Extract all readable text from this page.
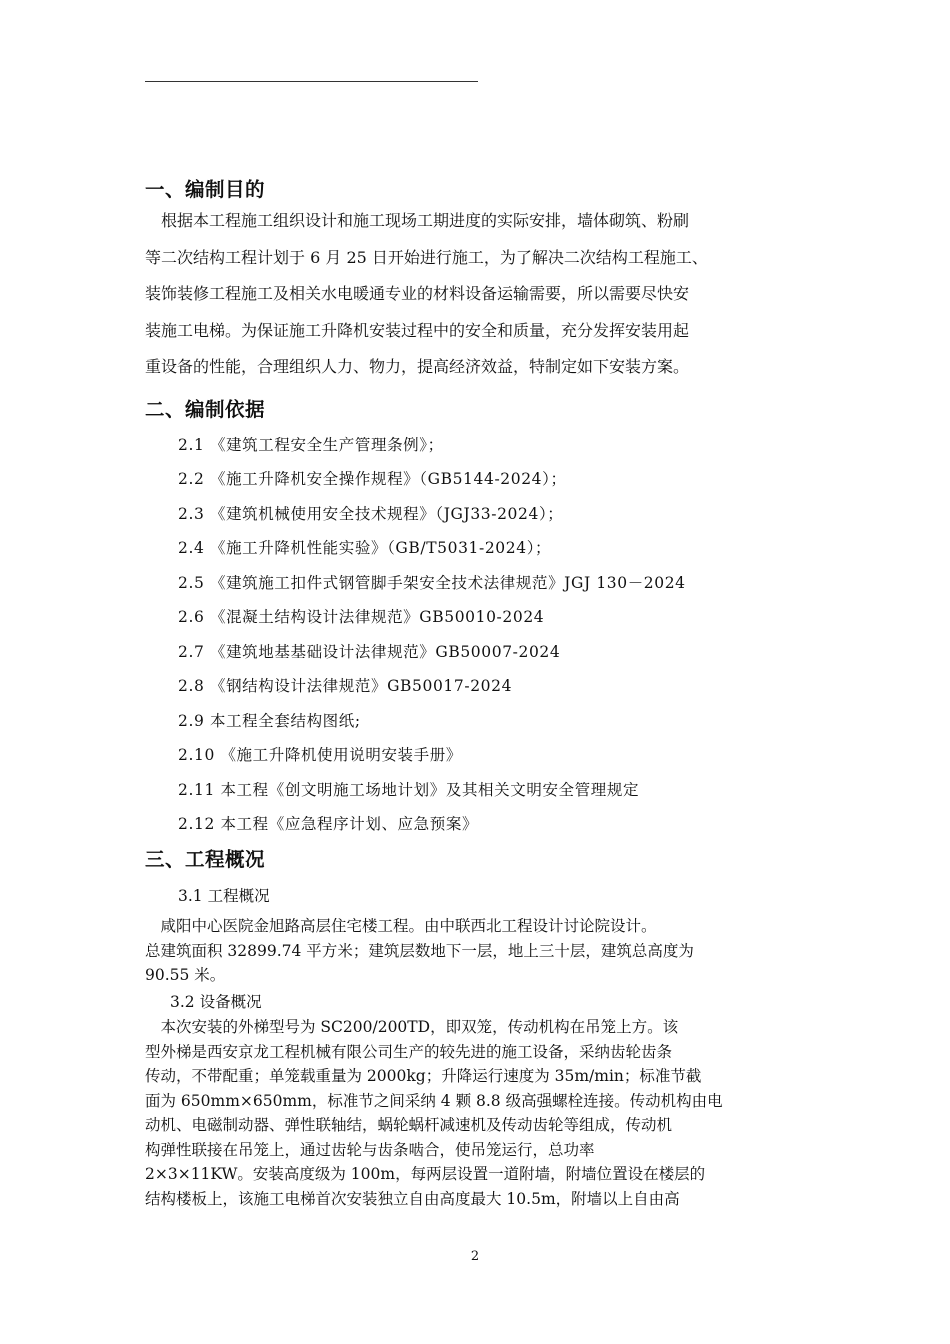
一、编制目的
　根据本工程施工组织设计和施工现场工期进度的实际安排，墙体砌筑、粉刷
等二次结构工程计划于 6 月 25 日开始进行施工，为了解决二次结构工程施工、
装饰装修工程施工及相关水电暖通专业的材料设备运输需要，所以需要尽快安
装施工电梯。为保证施工升降机安装过程中的安全和质量，充分发挥安装用起
重设备的性能，合理组织人力、物力，提高经济效益，特制定如下安装方案。
二、编制依据
2.1 《建筑工程安全生产管理条例》；
2.2 《施工升降机安全操作规程》（GB5144-2024）；
2.3 《建筑机械使用安全技术规程》（JGJ33-2024）；
2.4 《施工升降机性能实验》（GB/T5031-2024）；
2.5 《建筑施工扣件式钢管脚手架安全技术法律规范》JGJ 130－2024
2.6 《混凝土结构设计法律规范》GB50010-2024
2.7 《建筑地基基础设计法律规范》GB50007-2024
2.8 《钢结构设计法律规范》GB50017-2024
2.9 本工程全套结构图纸;
2.10 《施工升降机使用说明安装手册》
2.11 本工程《创文明施工场地计划》及其相关文明安全管理规定
2.12 本工程《应急程序计划、应急预案》
三、工程概况
3.1 工程概况
　咸阳中心医院金旭路高层住宅楼工程。由中联西北工程设计讨论院设计。
总建筑面积 32899.74 平方米；建筑层数地下一层，地上三十层，建筑总高度为
90.55 米。
3.2 设备概况
　本次安装的外梯型号为 SC200/200TD，即双笼，传动机构在吊笼上方。该
型外梯是西安京龙工程机械有限公司生产的较先进的施工设备，采纳齿轮齿条
传动，不带配重；单笼载重量为 2000kg；升降运行速度为 35m/min；标准节截
面为 650mm×650mm，标准节之间采纳 4 颗 8.8 级高强螺栓连接。传动机构由电
动机、电磁制动器、弹性联轴结，蜗轮蜗杆减速机及传动齿轮等组成，传动机
构弹性联接在吊笼上，通过齿轮与齿条啮合，使吊笼运行，总功率
2×3×11KW。安装高度级为 100m，每两层设置一道附墙，附墙位置设在楼层的
结构楼板上，该施工电梯首次安装独立自由高度最大 10.5m，附墙以上自由高
2
